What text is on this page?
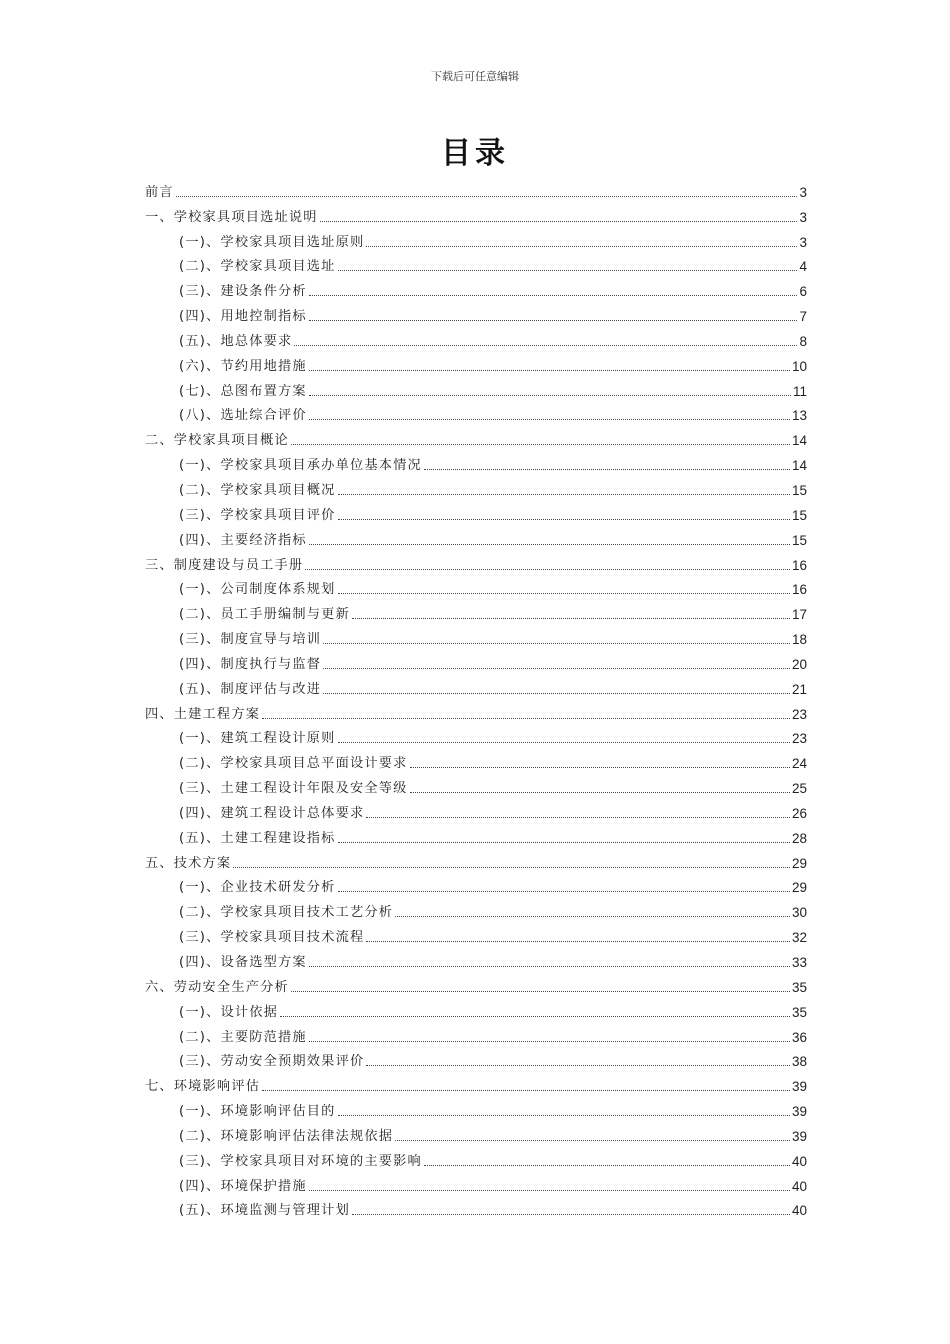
下载后可任意编辑
目录
前言	3
一、学校家具项目选址说明	3
(一)、学校家具项目选址原则	3
(二)、学校家具项目选址	4
(三)、建设条件分析	6
(四)、用地控制指标	7
(五)、地总体要求	8
(六)、节约用地措施	10
(七)、总图布置方案	11
(八)、选址综合评价	13
二、学校家具项目概论	14
(一)、学校家具项目承办单位基本情况	14
(二)、学校家具项目概况	15
(三)、学校家具项目评价	15
(四)、主要经济指标	15
三、制度建设与员工手册	16
(一)、公司制度体系规划	16
(二)、员工手册编制与更新	17
(三)、制度宣导与培训	18
(四)、制度执行与监督	20
(五)、制度评估与改进	21
四、土建工程方案	23
(一)、建筑工程设计原则	23
(二)、学校家具项目总平面设计要求	24
(三)、土建工程设计年限及安全等级	25
(四)、建筑工程设计总体要求	26
(五)、土建工程建设指标	28
五、技术方案	29
(一)、企业技术研发分析	29
(二)、学校家具项目技术工艺分析	30
(三)、学校家具项目技术流程	32
(四)、设备选型方案	33
六、劳动安全生产分析	35
(一)、设计依据	35
(二)、主要防范措施	36
(三)、劳动安全预期效果评价	38
七、环境影响评估	39
(一)、环境影响评估目的	39
(二)、环境影响评估法律法规依据	39
(三)、学校家具项目对环境的主要影响	40
(四)、环境保护措施	40
(五)、环境监测与管理计划	40
